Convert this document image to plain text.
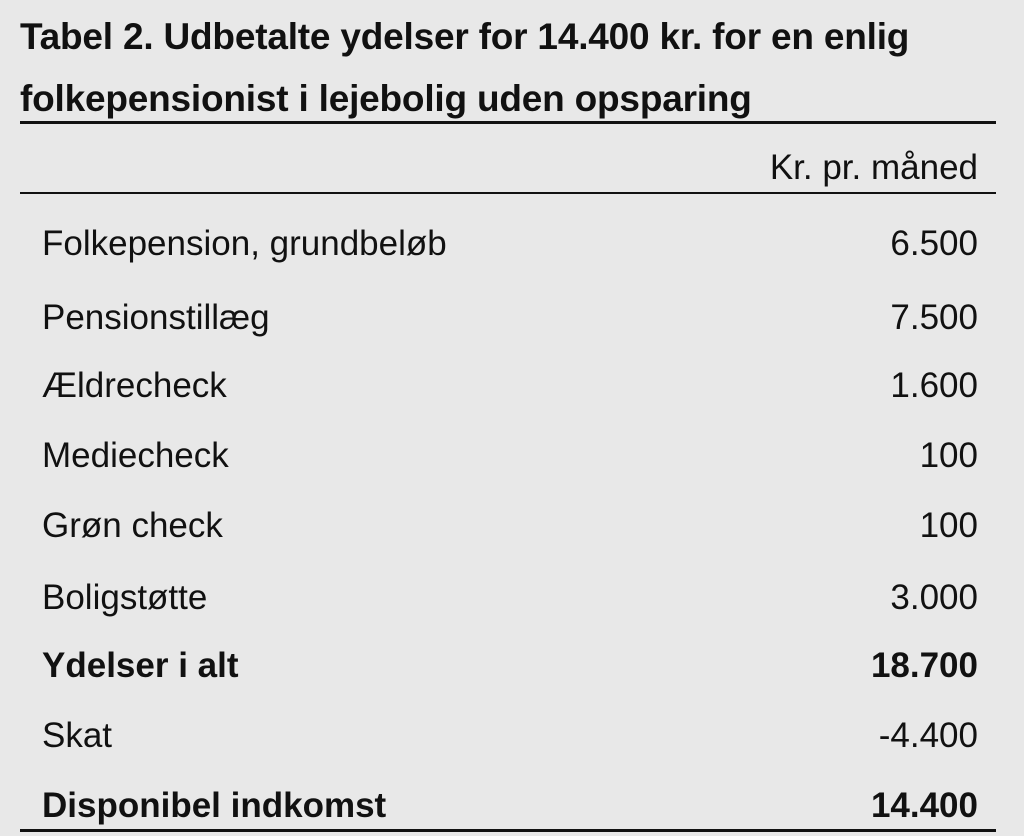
Tabel 2. Udbetalte ydelser for 14.400 kr. for en enlig
folkepensionist i lejebolig uden opsparing
Kr. pr. måned
Folkepension, grundbeløb	6.500
Pensionstillæg	7.500
Ældrecheck	1.600
Mediecheck	100
Grøn check	100
Boligstøtte	3.000
Ydelser i alt	18.700
Skat	-4.400
Disponibel indkomst	14.400
